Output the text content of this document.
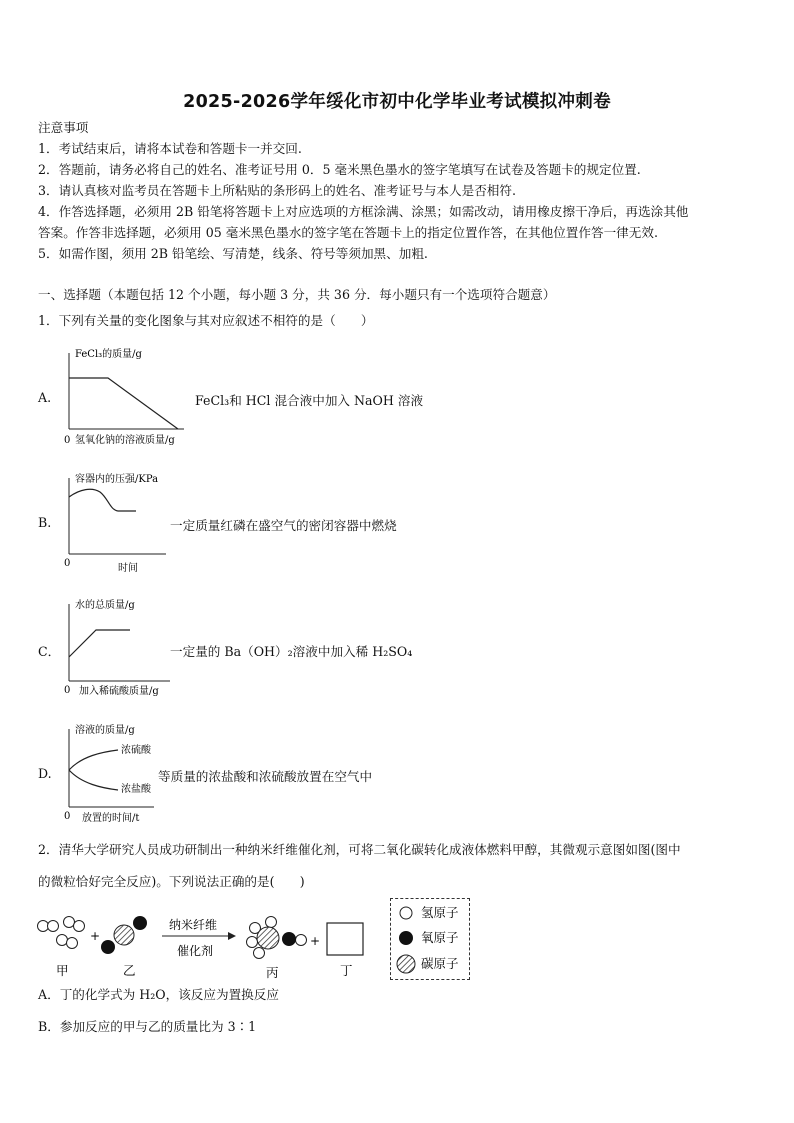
2025-2026学年绥化市初中化学毕业考试模拟冲刺卷
注意事项
1．考试结束后，请将本试卷和答题卡一并交回.
2．答题前，请务必将自己的姓名、准考证号用 0．5 毫米黑色墨水的签字笔填写在试卷及答题卡的规定位置.
3．请认真核对监考员在答题卡上所粘贴的条形码上的姓名、准考证号与本人是否相符.
4．作答选择题，必须用 2B 铅笔将答题卡上对应选项的方框涂满、涂黑；如需改动，请用橡皮擦干净后，再选涂其他
答案。作答非选择题，必须用 05 毫米黑色墨水的签字笔在答题卡上的指定位置作答，在其他位置作答一律无效.
5．如需作图，须用 2B 铅笔绘、写清楚，线条、符号等须加黑、加粗.
一、选择题（本题包括 12 个小题，每小题 3 分，共 36 分．每小题只有一个选项符合题意）
1．下列有关量的变化图象与其对应叙述不相符的是（　　）
A.
FeCl₃的质量/g
0 氢氧化钠的溶液质量/g
FeCl₃和 HCl 混合液中加入 NaOH 溶液
B.
容器内的压强/KPa
0	时间
一定质量红磷在盛空气的密闭容器中燃烧
C．
水的总质量/g
0 加入稀硫酸质量/g
一定量的 Ba（OH）₂溶液中加入稀 H₂SO₄
D.
溶液的质量/g
浓硫酸
浓盐酸
0 放置的时间/t
等质量的浓盐酸和浓硫酸放置在空气中
2．清华大学研究人员成功研制出一种纳米纤维催化剂，可将二氧化碳转化成液体燃料甲醇，其微观示意图如图(图中
的微粒恰好完全反应)。下列说法正确的是(　　)
甲
+
乙
纳米纤维
催化剂
丙
+
丁
氢原子
氧原子
碳原子
A．丁的化学式为 H₂O，该反应为置换反应
B．参加反应的甲与乙的质量比为 3∶1
